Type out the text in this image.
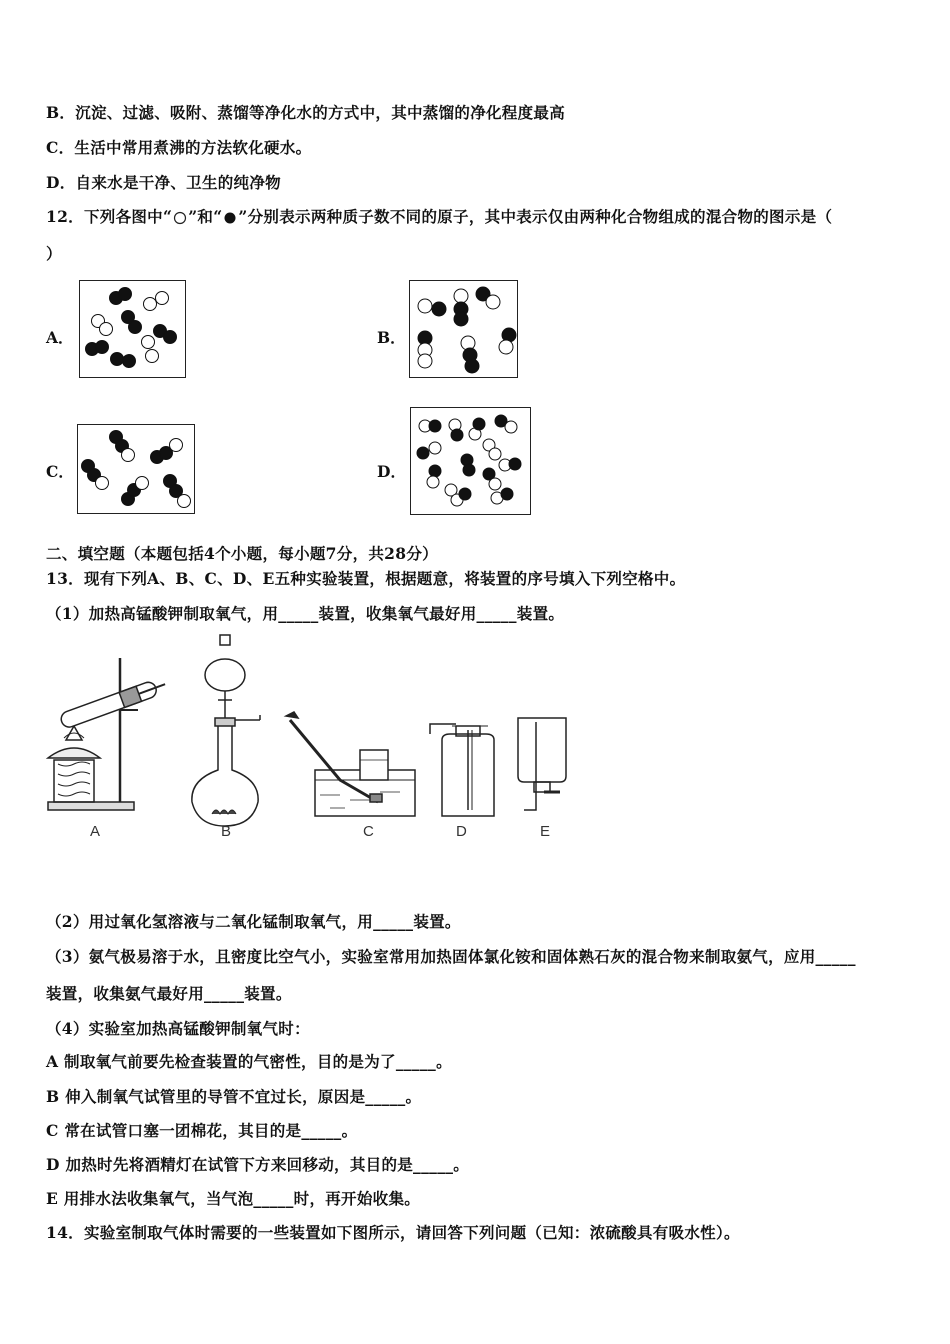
B．沉淀、过滤、吸附、蒸馏等净化水的方式中，其中蒸馏的净化程度最高
C．生活中常用煮沸的方法软化硬水。
D．自来水是干净、卫生的纯净物
12．下列各图中“ ”和“ ”分别表示两种质子数不同的原子，其中表示仅由两种化合物组成的混合物的图示是（
）
A．	B．
C．	D．
二、填空题（本题包括4个小题，每小题7分，共28分）
13．现有下列A、B、C、D、E五种实验装置，根据题意，将装置的序号填入下列空格中。
（1）加热高锰酸钾制取氧气，用_____装置，收集氧气最好用_____装置。
A	B	C	D	E
（2）用过氧化氢溶液与二氧化锰制取氧气，用_____装置。
（3）氨气极易溶于水，且密度比空气小，实验室常用加热固体氯化铵和固体熟石灰的混合物来制取氨气，应用_____
装置，收集氨气最好用_____装置。
（4）实验室加热高锰酸钾制氧气时：
A 制取氧气前要先检查装置的气密性，目的是为了_____。
B 伸入制氧气试管里的导管不宜过长，原因是_____。
C 常在试管口塞一团棉花，其目的是_____。
D 加热时先将酒精灯在试管下方来回移动，其目的是_____。
E 用排水法收集氧气，当气泡_____时，再开始收集。
14．实验室制取气体时需要的一些装置如下图所示，请回答下列问题（已知：浓硫酸具有吸水性）。
